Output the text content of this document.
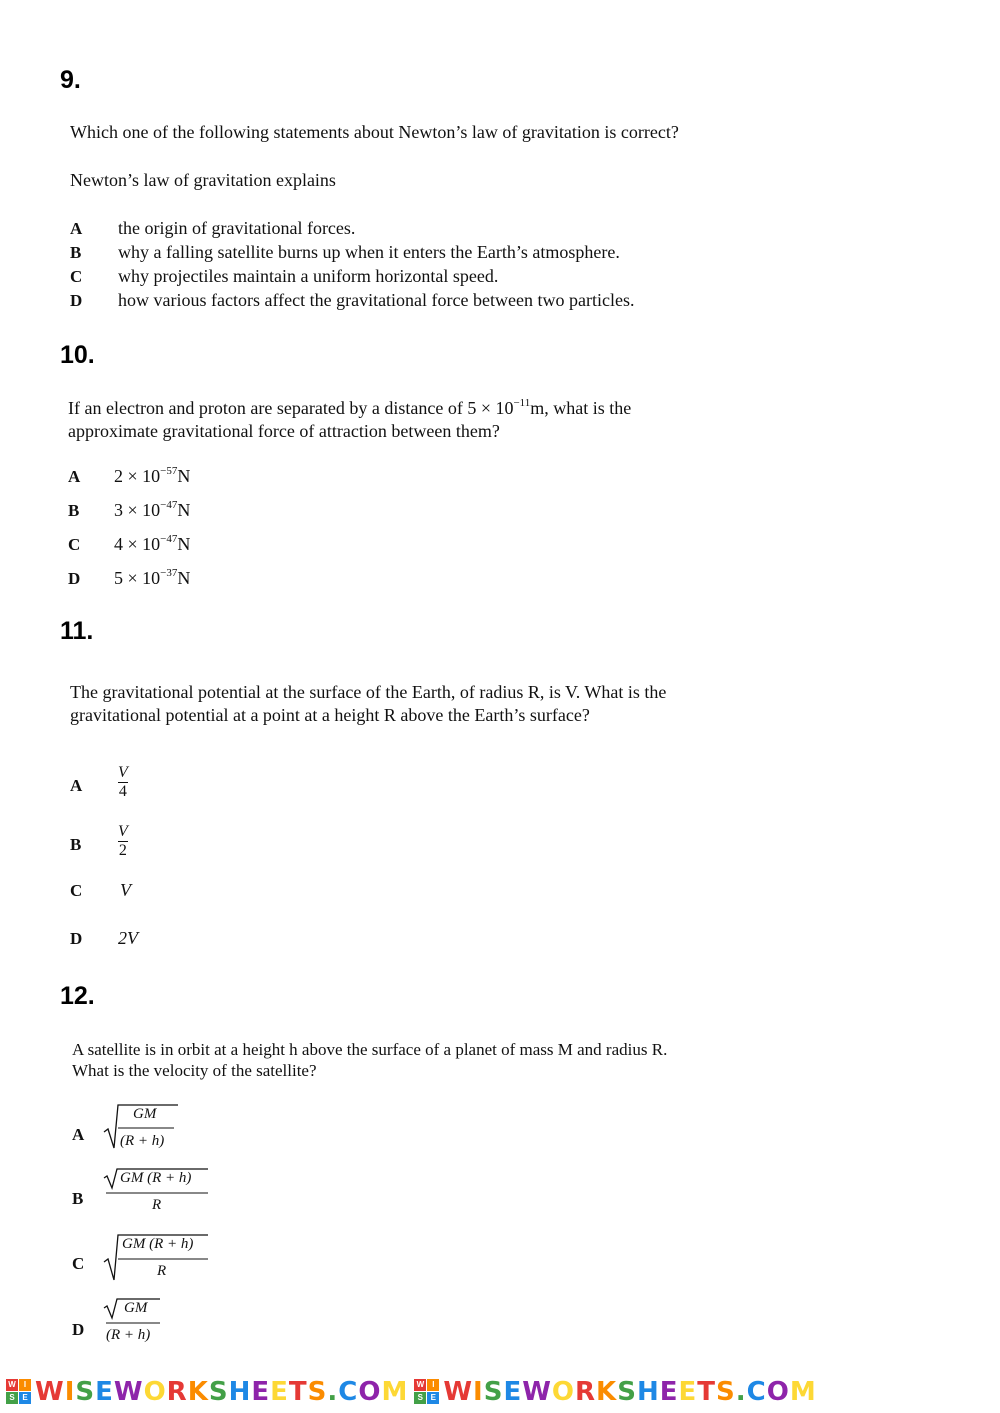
9.
Which one of the following statements about Newton’s law of gravitation is correct?
Newton’s law of gravitation explains
A the origin of gravitational forces.
B why a falling satellite burns up when it enters the Earth’s atmosphere.
C why projectiles maintain a uniform horizontal speed.
D how various factors affect the gravitational force between two particles.
10.
If an electron and proton are separated by a distance of $5 \times 10^{-11}m$, what is the
approximate gravitational force of attraction between them?
A $2 \times 10^{-57}N$
B $3 \times 10^{-47}N$
C $4 \times 10^{-47}N$
D $5 \times 10^{-37}N$
11.
The gravitational potential at the surface of the Earth, of radius R, is V. What is the
gravitational potential at a point at a height R above the Earth’s surface?
A
V
4
B
V
2
C V
D 2V
12.
A satellite is in orbit at a height h above the surface of a planet of mass M and radius R.
What is the velocity of the satellite?
A
GM
(R + h)
B
GM (R + h)
R
C
GM (R + h)
R
D
GM
(R + h)
W	I
S E WISEWORKSHEETS.COM W	I
S E WISEWORKSHEETS.COM
